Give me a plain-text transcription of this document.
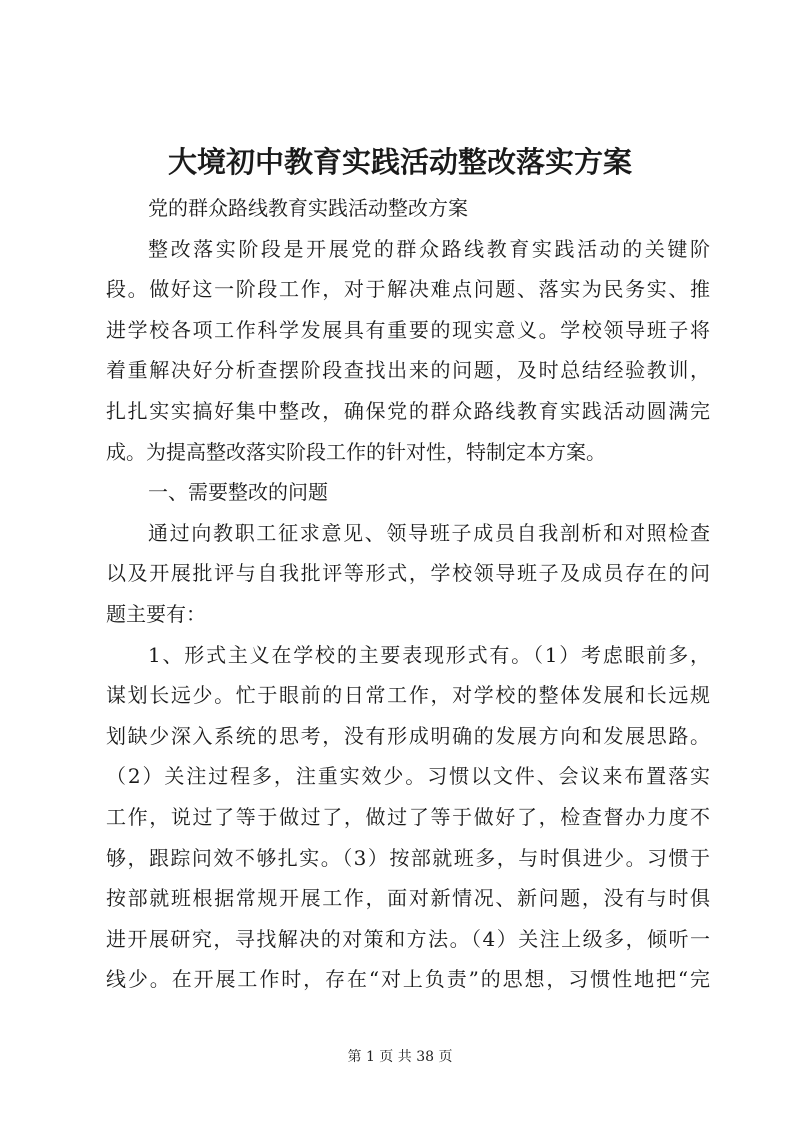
大境初中教育实践活动整改落实方案
党的群众路线教育实践活动整改方案
整改落实阶段是开展党的群众路线教育实践活动的关键阶
段。做好这一阶段工作，对于解决难点问题、落实为民务实、推
进学校各项工作科学发展具有重要的现实意义。学校领导班子将
着重解决好分析查摆阶段查找出来的问题，及时总结经验教训，
扎扎实实搞好集中整改，确保党的群众路线教育实践活动圆满完
成。为提高整改落实阶段工作的针对性，特制定本方案。
一、需要整改的问题
通过向教职工征求意见、领导班子成员自我剖析和对照检查
以及开展批评与自我批评等形式，学校领导班子及成员存在的问
题主要有：
1、形式主义在学校的主要表现形式有。（1）考虑眼前多，
谋划长远少。忙于眼前的日常工作，对学校的整体发展和长远规
划缺少深入系统的思考，没有形成明确的发展方向和发展思路。
（2）关注过程多，注重实效少。习惯以文件、会议来布置落实
工作，说过了等于做过了，做过了等于做好了，检查督办力度不
够，跟踪问效不够扎实。（3）按部就班多，与时俱进少。习惯于
按部就班根据常规开展工作，面对新情况、新问题，没有与时俱
进开展研究，寻找解决的对策和方法。（4）关注上级多，倾听一
线少。在开展工作时，存在“对上负责”的思想，习惯性地把“完
第 1 页 共 38 页
